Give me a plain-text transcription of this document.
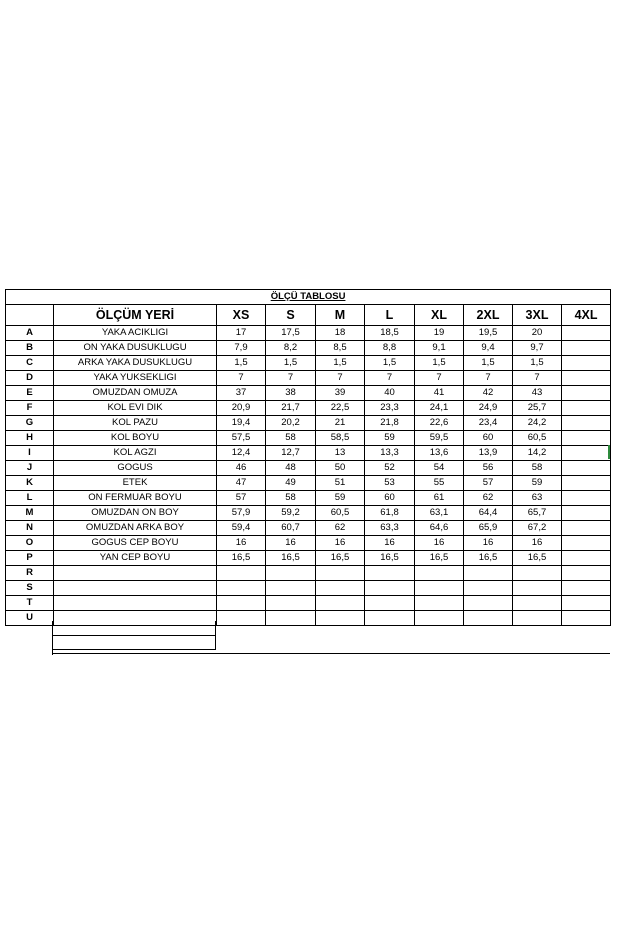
ÖLÇÜ TABLOSU									
	ÖLÇÜM YERİ	XS	S	M	L	XL	2XL	3XL	4XL
A	YAKA ACIKLIGI	17	17,5	18	18,5	19	19,5	20	
B	ON YAKA DUSUKLUGU	7,9	8,2	8,5	8,8	9,1	9,4	9,7	
C	ARKA YAKA DUSUKLUGU	1,5	1,5	1,5	1,5	1,5	1,5	1,5	
D	YAKA YUKSEKLIGI	7	7	7	7	7	7	7	
E	OMUZDAN OMUZA	37	38	39	40	41	42	43	
F	KOL EVI DIK	20,9	21,7	22,5	23,3	24,1	24,9	25,7	
G	KOL PAZU	19,4	20,2	21	21,8	22,6	23,4	24,2	
H	KOL BOYU	57,5	58	58,5	59	59,5	60	60,5	
I	KOL AGZI	12,4	12,7	13	13,3	13,6	13,9	14,2	
J	GOGUS	46	48	50	52	54	56	58	
K	ETEK	47	49	51	53	55	57	59	
L	ON FERMUAR BOYU	57	58	59	60	61	62	63	
M	OMUZDAN ON BOY	57,9	59,2	60,5	61,8	63,1	64,4	65,7	
N	OMUZDAN ARKA BOY	59,4	60,7	62	63,3	64,6	65,9	67,2	
O	GOGUS CEP BOYU	16	16	16	16	16	16	16	
P	YAN CEP BOYU	16,5	16,5	16,5	16,5	16,5	16,5	16,5	
R									
S									
T									
U									
